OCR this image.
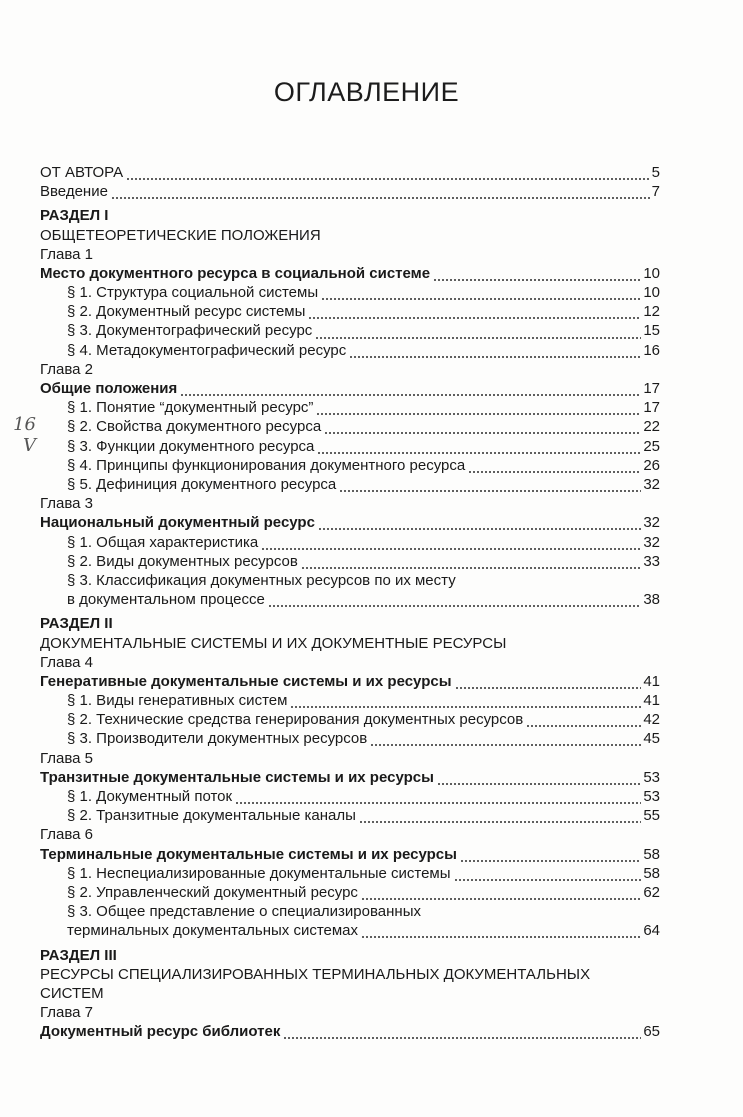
ОГЛАВЛЕНИЕ
ОТ АВТОРА	5
Введение	7
РАЗДЕЛ I
ОБЩЕТЕОРЕТИЧЕСКИЕ ПОЛОЖЕНИЯ
Глава 1
Место документного ресурса в социальной системе	10
§ 1. Структура социальной системы	10
§ 2. Документный ресурс системы	12
§ 3. Документографический ресурс	15
§ 4. Метадокументографический ресурс	16
Глава 2
Общие положения	17
§ 1. Понятие “документный ресурс”	17
§ 2. Свойства документного ресурса	22
§ 3. Функции документного ресурса	25
§ 4. Принципы функционирования документного ресурса	26
§ 5. Дефиниция документного ресурса	32
Глава 3
Национальный документный ресурс	32
§ 1. Общая характеристика	32
§ 2. Виды документных ресурсов	33
§ 3. Классификация документных ресурсов по их месту
в документальном процессе	38
РАЗДЕЛ II
ДОКУМЕНТАЛЬНЫЕ СИСТЕМЫ И ИХ ДОКУМЕНТНЫЕ РЕСУРСЫ
Глава 4
Генеративные документальные системы и их ресурсы	41
§ 1. Виды генеративных систем	41
§ 2. Технические средства генерирования документных ресурсов	42
§ 3. Производители документных ресурсов	45
Глава 5
Транзитные документальные системы и их ресурсы	53
§ 1. Документный поток	53
§ 2. Транзитные документальные каналы	55
Глава 6
Терминальные документальные системы и их ресурсы	58
§ 1. Неспециализированные документальные системы	58
§ 2. Управленческий документный ресурс	62
§ 3. Общее представление о специализированных
терминальных документальных системах	64
РАЗДЕЛ III
РЕСУРСЫ СПЕЦИАЛИЗИРОВАННЫХ ТЕРМИНАЛЬНЫХ ДОКУМЕНТАЛЬНЫХ
СИСТЕМ
Глава 7
Документный ресурс библиотек	65
16
V
